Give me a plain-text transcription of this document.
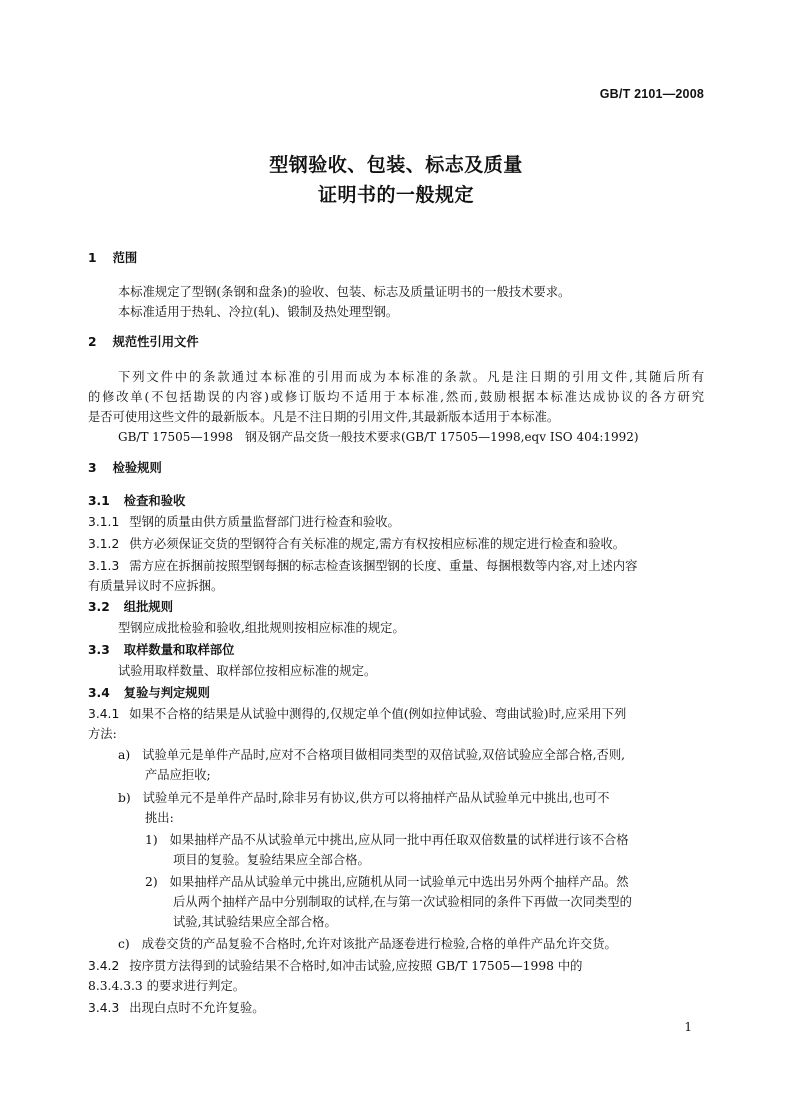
GB/T 2101—2008
型钢验收、包装、标志及质量
证明书的一般规定
1 范围
本标准规定了型钢(条钢和盘条)的验收、包装、标志及质量证明书的一般技术要求。
本标准适用于热轧、冷拉(轧)、锻制及热处理型钢。
2 规范性引用文件
下列文件中的条款通过本标准的引用而成为本标准的条款。凡是注日期的引用文件,其随后所有
的修改单(不包括勘误的内容)或修订版均不适用于本标准,然而,鼓励根据本标准达成协议的各方研究
是否可使用这些文件的最新版本。凡是不注日期的引用文件,其最新版本适用于本标准。
GB/T 17505—1998　钢及钢产品交货一般技术要求(GB/T 17505—1998,eqv ISO 404:1992)
3 检验规则
3.1 检查和验收
3.1.1 型钢的质量由供方质量监督部门进行检查和验收。
3.1.2 供方必须保证交货的型钢符合有关标准的规定,需方有权按相应标准的规定进行检查和验收。
3.1.3 需方应在拆捆前按照型钢每捆的标志检查该捆型钢的长度、重量、每捆根数等内容,对上述内容
有质量异议时不应拆捆。
3.2 组批规则
型钢应成批检验和验收,组批规则按相应标准的规定。
3.3 取样数量和取样部位
试验用取样数量、取样部位按相应标准的规定。
3.4 复验与判定规则
3.4.1 如果不合格的结果是从试验中测得的,仅规定单个值(例如拉伸试验、弯曲试验)时,应采用下列
方法:
a) 试验单元是单件产品时,应对不合格项目做相同类型的双倍试验,双倍试验应全部合格,否则,
产品应拒收;
b) 试验单元不是单件产品时,除非另有协议,供方可以将抽样产品从试验单元中挑出,也可不
挑出:
1) 如果抽样产品不从试验单元中挑出,应从同一批中再任取双倍数量的试样进行该不合格
项目的复验。复验结果应全部合格。
2) 如果抽样产品从试验单元中挑出,应随机从同一试验单元中选出另外两个抽样产品。然
后从两个抽样产品中分别制取的试样,在与第一次试验相同的条件下再做一次同类型的
试验,其试验结果应全部合格。
c) 成卷交货的产品复验不合格时,允许对该批产品逐卷进行检验,合格的单件产品允许交货。
3.4.2 按序贯方法得到的试验结果不合格时,如冲击试验,应按照 GB/T 17505—1998 中的
8.3.4.3.3 的要求进行判定。
3.4.3 出现白点时不允许复验。
1
